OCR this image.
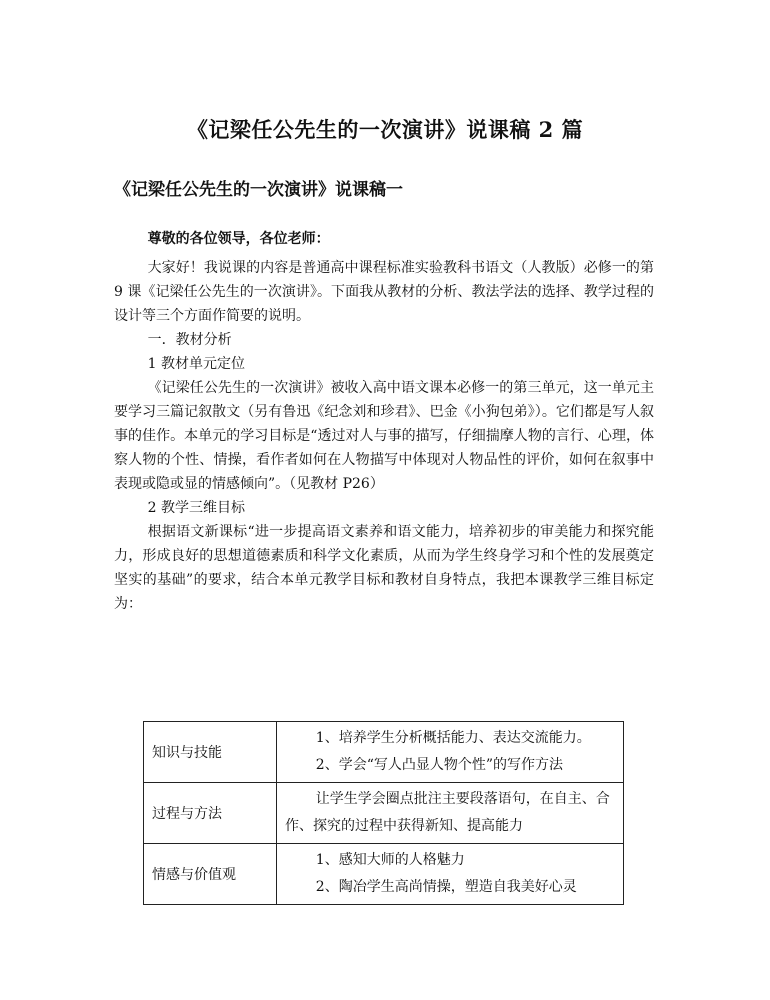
《记梁任公先生的一次演讲》说课稿 2 篇
《记梁任公先生的一次演讲》说课稿一

尊敬的各位领导，各位老师：

大家好！我说课的内容是普通高中课程标准实验教科书语文（人教版）必修一的第 9 课《记梁任公先生的一次演讲》。下面我从教材的分析、教法学法的选择、教学过程的设计等三个方面作简要的说明。

一．教材分析

1 教材单元定位

《记梁任公先生的一次演讲》被收入高中语文课本必修一的第三单元，这一单元主要学习三篇记叙散文（另有鲁迅《纪念刘和珍君》、巴金《小狗包弟》）。它们都是写人叙事的佳作。本单元的学习目标是“透过对人与事的描写，仔细揣摩人物的言行、心理，体察人物的个性、情操，看作者如何在人物描写中体现对人物品性的评价，如何在叙事中表现或隐或显的情感倾向”。（见教材 P26）

2 教学三维目标

根据语文新课标“进一步提高语文素养和语文能力，培养初步的审美能力和探究能力，形成良好的思想道德素质和科学文化素质，从而为学生终身学习和个性的发展奠定坚实的基础”的要求，结合本单元教学目标和教材自身特点，我把本课教学三维目标定为：

知识与技能	1、培养学生分析概括能力、表达交流能力。
2、学会“写人凸显人物个性”的写作方法

过程与方法	让学生学会圈点批注主要段落语句，在自主、合作、探究的过程中获得新知、提高能力

情感与价值观	1、感知大师的人格魅力
2、陶冶学生高尚情操，塑造自我美好心灵
